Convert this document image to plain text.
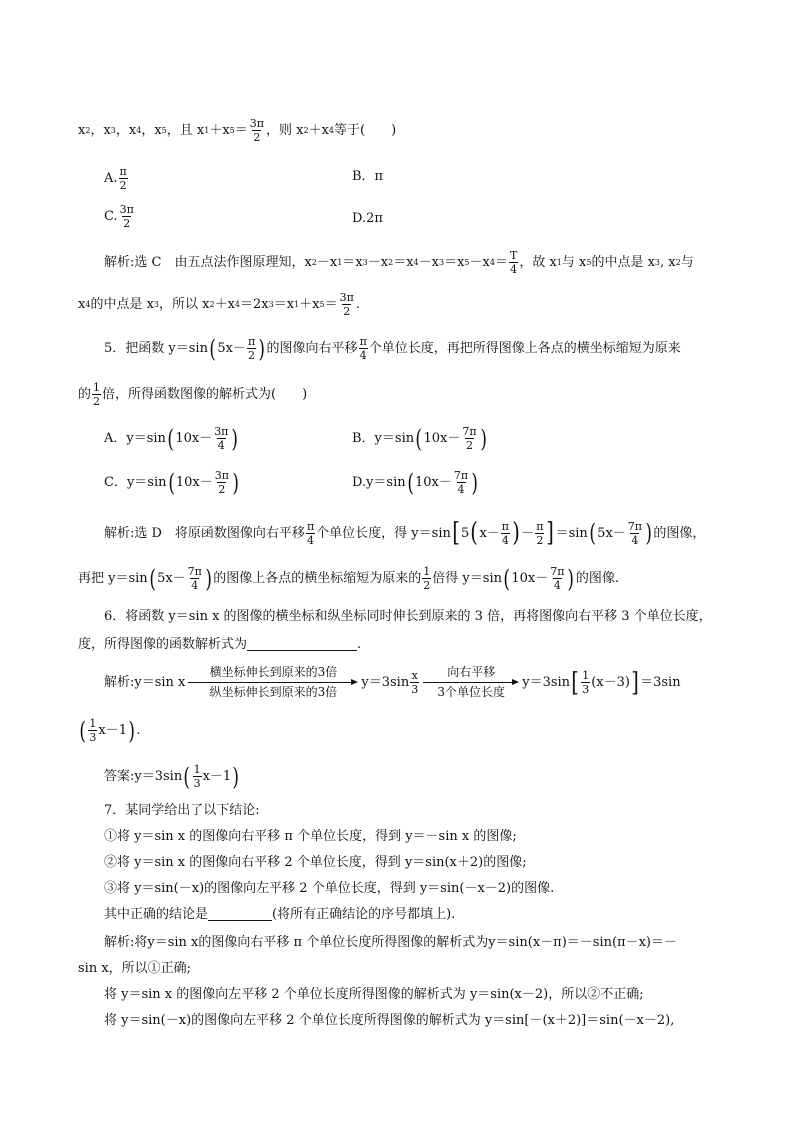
x 2 ，x 3 ，x 4 ，x 5 ，且 x 1 ＋x $5 = \frac{3\pi}{2}$ ，则 x 2 ＋x 4 等于(　　)
A. $\frac{\pi}{2}$	B．π
C. $\frac{3\pi}{2}$	D.2π
解析:选 C　由五点法作图原理知，x 2 －x 1 ＝x 3 －x 2 ＝x 4 －x 3 ＝x 5 －x $4 = \frac{T}{4}$ ，故 x 1 与 x 5 的中点是 x 3 , x 2 与
x 4 的中点是 x 3 ，所以 x 2 ＋x 4 ＝2x 3 ＝x 1 ＋x $5 = \frac{3\pi}{2}$ .
5．把函数 y＝sin ( $5x- \frac{\pi}{2}$ ) 的图像向右平移 $\frac{\pi}{4}$ 个单位长度，再把所得图像上各点的横坐标缩短为原来
的 $\frac{1}{2}$ 倍，所得函数图像的解析式为(　　)
A．y＝sin ( $10x- \frac{3\pi}{4}$ )	B．y＝sin ( $10x- \frac{7\pi}{2}$ )
C．y＝sin ( $10x- \frac{3\pi}{2}$ )	D.y＝sin ( $10x- \frac{7\pi}{4}$ )
解析:选 D　将原函数图像向右平移 $\frac{\pi}{4}$ 个单位长度，得 y＝sin [ 5 ( $x- \frac{\pi}{4}$ ) － $\frac{\pi}{2}$ ] ＝sin ( $5x- \frac{7\pi}{4}$ ) 的图像，
再把 y＝sin ( $5x- \frac{7\pi}{4}$ ) 的图像上各点的横坐标缩短为原来的 $\frac{1}{2}$ 倍得 y＝sin ( $10x- \frac{7\pi}{4}$ ) 的图像.
6．将函数 y＝sin x 的图像的横坐标和纵坐标同时伸长到原来的 3 倍，再将图像向右平移 3 个单位长度，
度，所得图像的函数解析式为	.
解析:y＝sin x
横坐标伸长到原来的3倍
纵坐标伸长到原来的3倍
$y=3\sin \frac{x}{3}$ 向右平移
3个单位长度
y＝3sin [ $\frac{1}{3} (x-3)$ ] ＝3sin
( $\frac{1}{3} x-1$ ) .
答案:y＝3sin ( $\frac{1}{3} x-1$ )
7．某同学给出了以下结论:
①将 y＝sin x 的图像向右平移 π 个单位长度，得到 y＝－sin x 的图像;
②将 y＝sin x 的图像向右平移 2 个单位长度，得到 y＝sin(x＋2)的图像;
③将 y＝sin(－x)的图像向左平移 2 个单位长度，得到 y＝sin(－x－2)的图像.
其中正确的结论是	(将所有正确结论的序号都填上).
解析:将y＝sin x的图像向右平移 π 个单位长度所得图像的解析式为y＝sin(x－π)＝－sin(π－x)＝－
sin x，所以①正确;
将 y＝sin x 的图像向左平移 2 个单位长度所得图像的解析式为 y＝sin(x－2)，所以②不正确;
将 y＝sin(－x)的图像向左平移 2 个单位长度所得图像的解析式为 y＝sin[－(x＋2)]＝sin(－x－2),
